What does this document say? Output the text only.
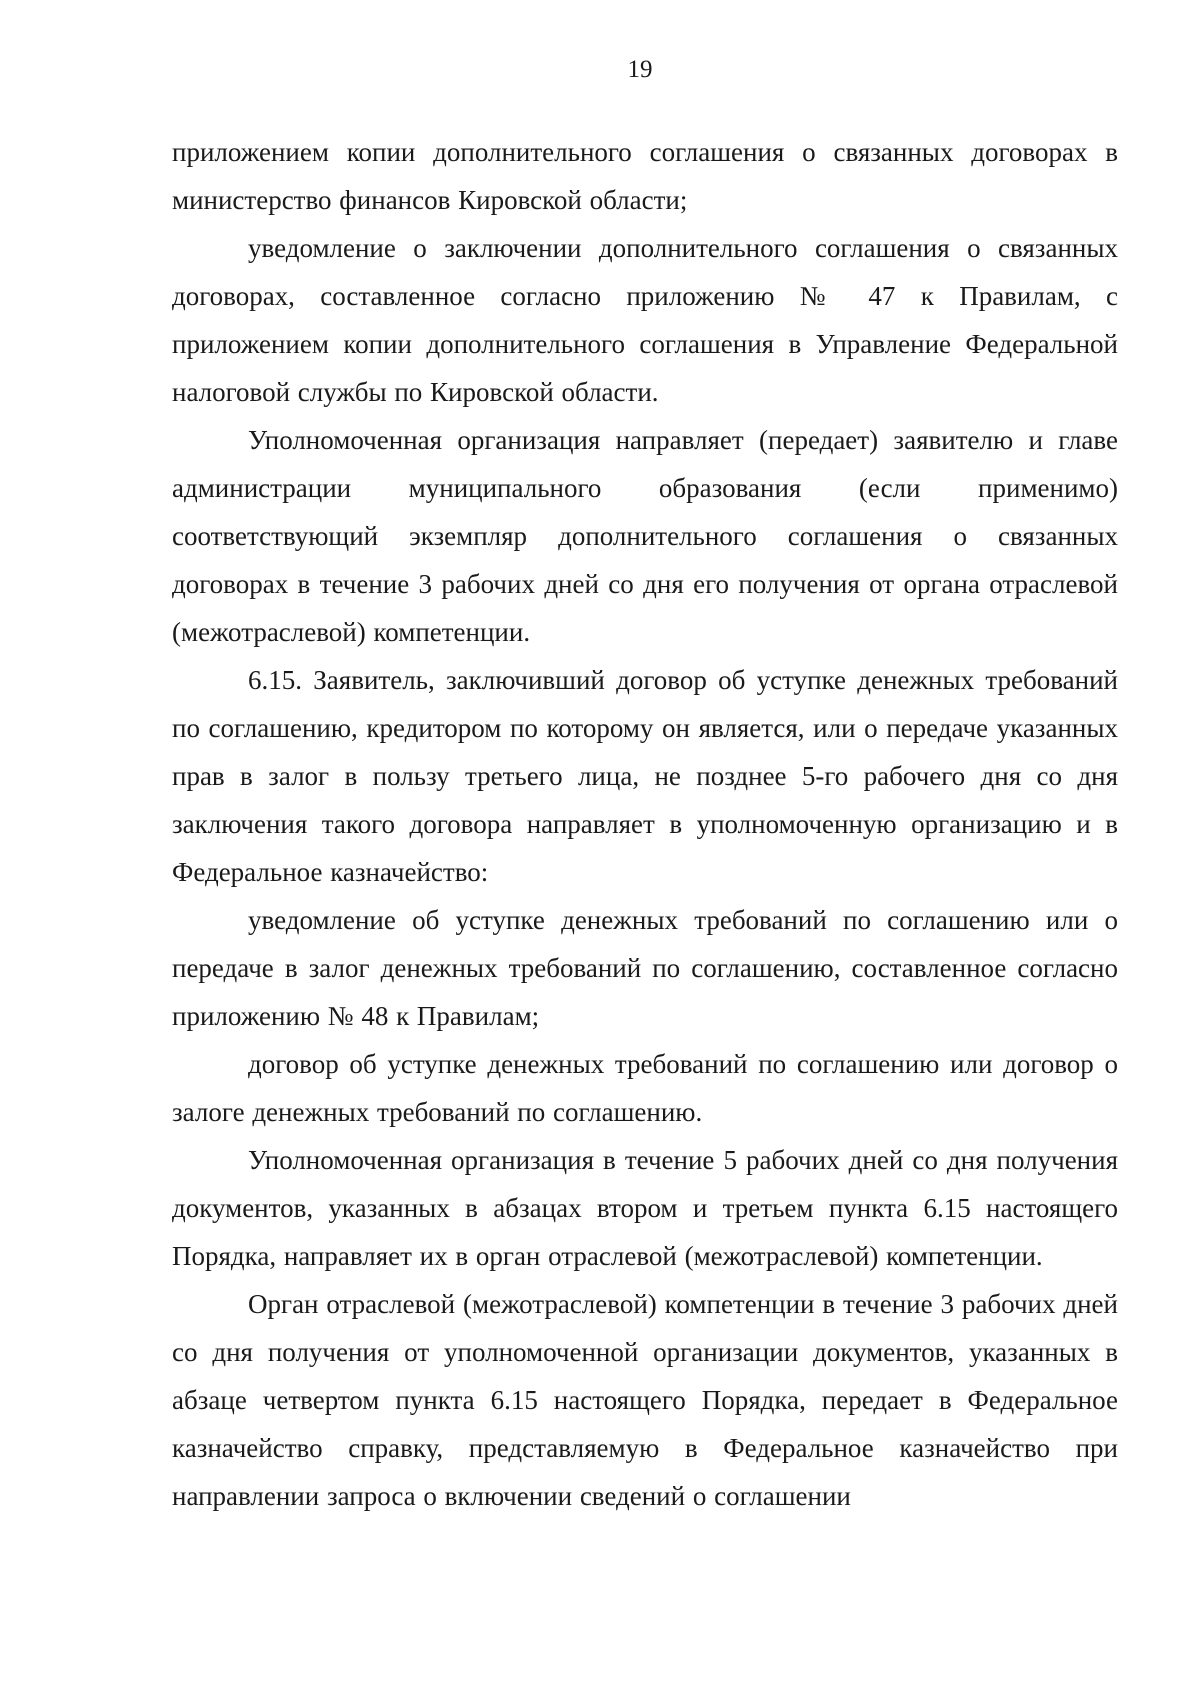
19

приложением копии дополнительного соглашения о связанных договорах в министерство финансов Кировской области;

уведомление о заключении дополнительного соглашения о связанных договорах, составленное согласно приложению № 47 к Правилам, с приложением копии дополнительного соглашения в Управление Федеральной налоговой службы по Кировской области.

Уполномоченная организация направляет (передает) заявителю и главе администрации муниципального образования (если применимо) соответствующий экземпляр дополнительного соглашения о связанных договорах в течение 3 рабочих дней со дня его получения от органа отраслевой (межотраслевой) компетенции.

6.15. Заявитель, заключивший договор об уступке денежных требований по соглашению, кредитором по которому он является, или о передаче указанных прав в залог в пользу третьего лица, не позднее 5-го рабочего дня со дня заключения такого договора направляет в уполномоченную организацию и в Федеральное казначейство:

уведомление об уступке денежных требований по соглашению или о передаче в залог денежных требований по соглашению, составленное согласно приложению № 48 к Правилам;

договор об уступке денежных требований по соглашению или договор о залоге денежных требований по соглашению.

Уполномоченная организация в течение 5 рабочих дней со дня получения документов, указанных в абзацах втором и третьем пункта 6.15 настоящего Порядка, направляет их в орган отраслевой (межотраслевой) компетенции.

Орган отраслевой (межотраслевой) компетенции в течение 3 рабочих дней со дня получения от уполномоченной организации документов, указанных в абзаце четвертом пункта 6.15 настоящего Порядка, передает в Федеральное казначейство справку, представляемую в Федеральное казначейство при направлении запроса о включении сведений о соглашении
